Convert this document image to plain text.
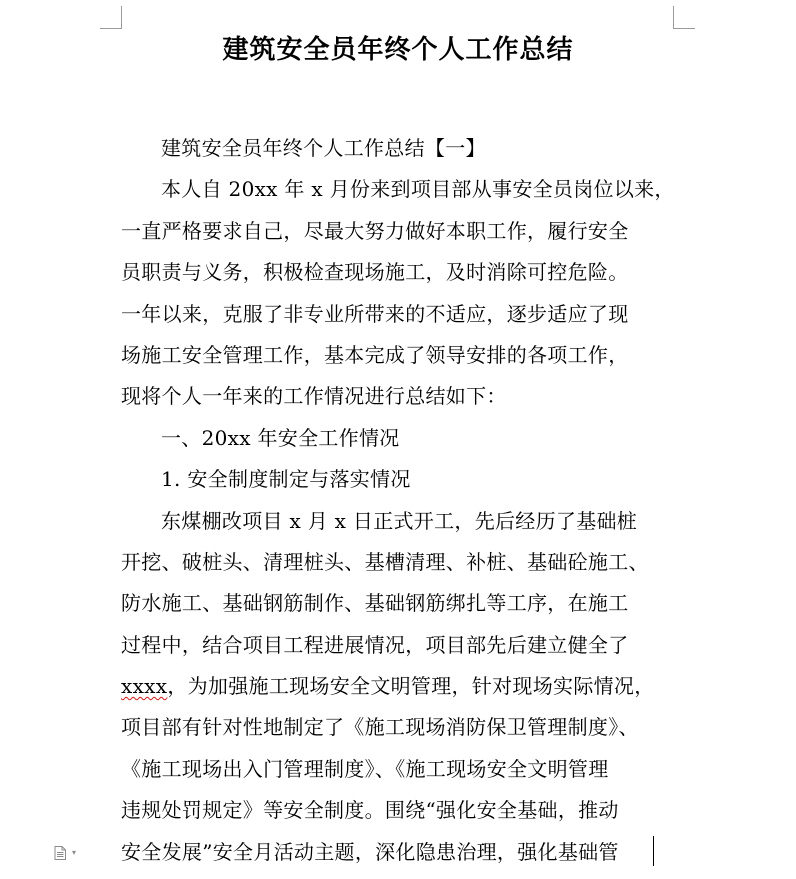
建筑安全员年终个人工作总结
建筑安全员年终个人工作总结【一】
本人自 20xx 年 x 月份来到项目部从事安全员岗位以来，
一直严格要求自己，尽最大努力做好本职工作，履行安全
员职责与义务，积极检查现场施工，及时消除可控危险。
一年以来，克服了非专业所带来的不适应，逐步适应了现
场施工安全管理工作，基本完成了领导安排的各项工作，
现将个人一年来的工作情况进行总结如下：
一、20xx 年安全工作情况
1. 安全制度制定与落实情况
东煤棚改项目 x 月 x 日正式开工，先后经历了基础桩
开挖、破桩头、清理桩头、基槽清理、补桩、基础砼施工、
防水施工、基础钢筋制作、基础钢筋绑扎等工序，在施工
过程中，结合项目工程进展情况，项目部先后建立健全了
xxxx，为加强施工现场安全文明管理，针对现场实际情况，
项目部有针对性地制定了《施工现场消防保卫管理制度》、
《施工现场出入门管理制度》、《施工现场安全文明管理
违规处罚规定》等安全制度。围绕“强化安全基础，推动
安全发展”安全月活动主题，深化隐患治理，强化基础管
▾
